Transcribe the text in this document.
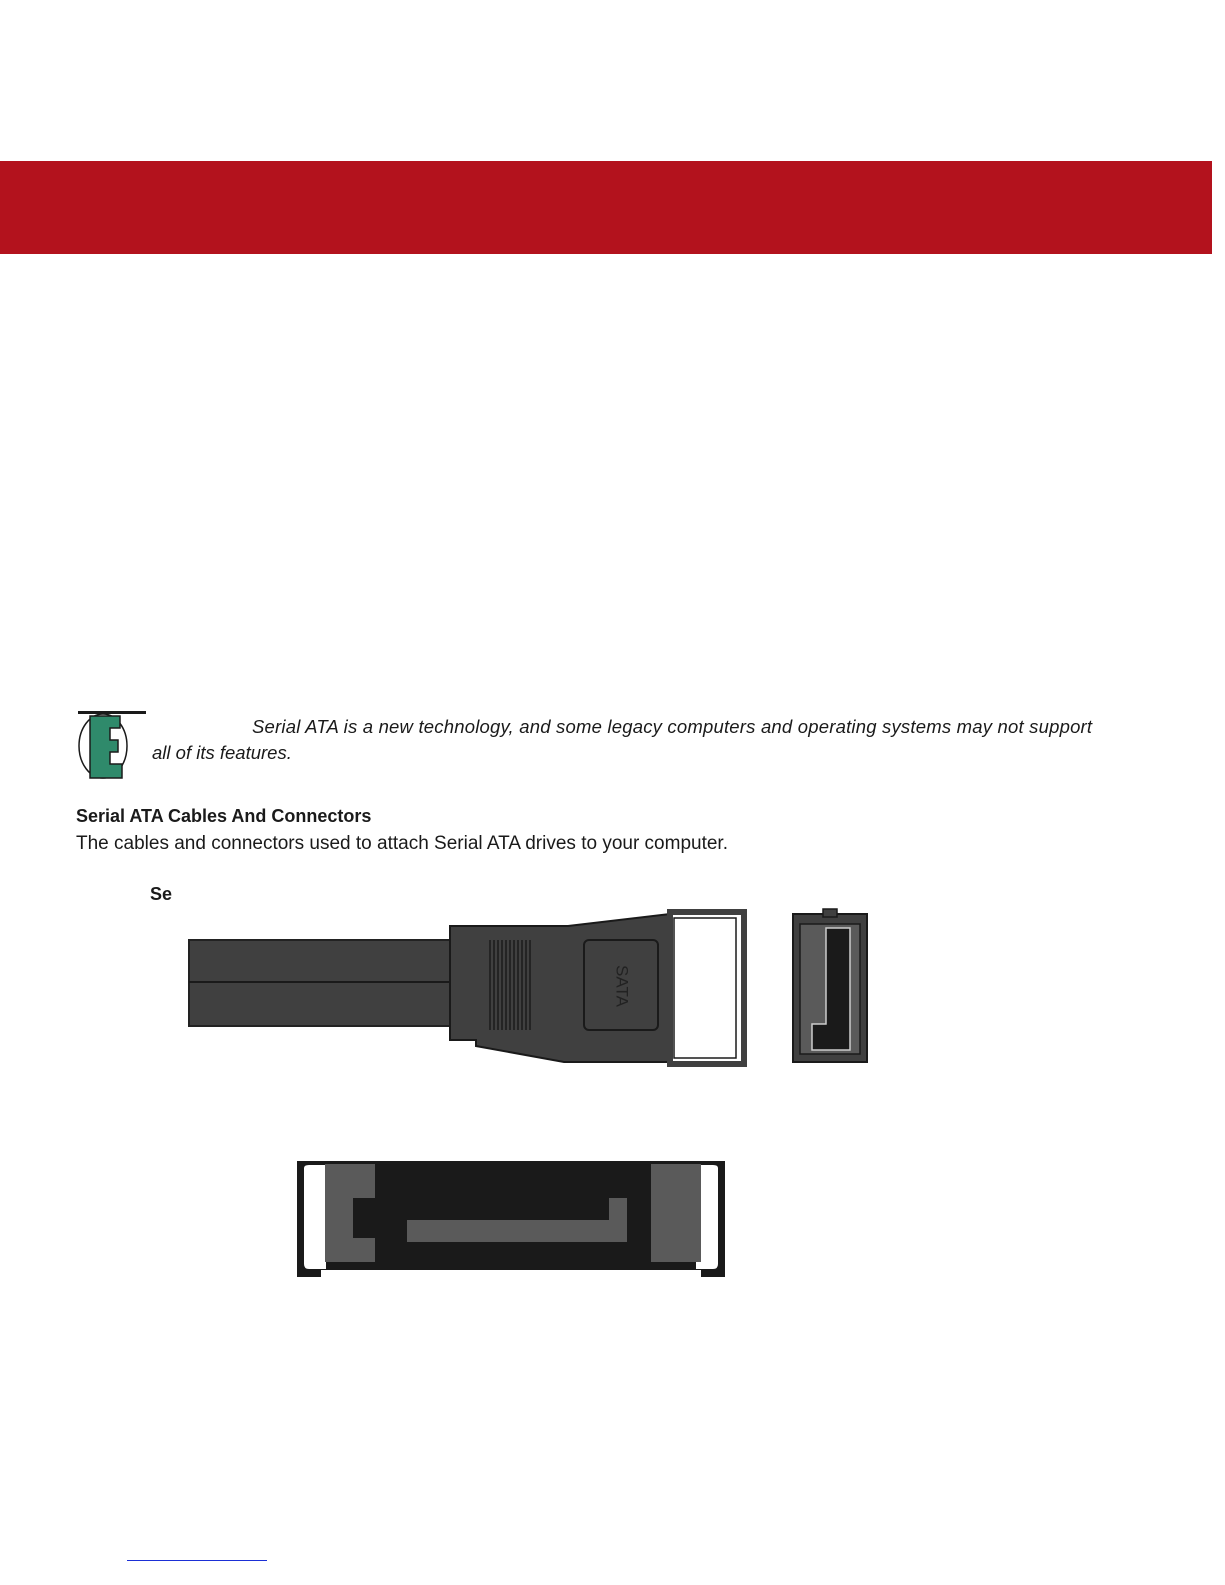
Serial ATA is a new technology, and some legacy computers and operating systems may not support
all of its features.
Serial ATA Cables And Connectors
The cables and connectors used to attach Serial ATA drives to your computer.
Se
SATA
